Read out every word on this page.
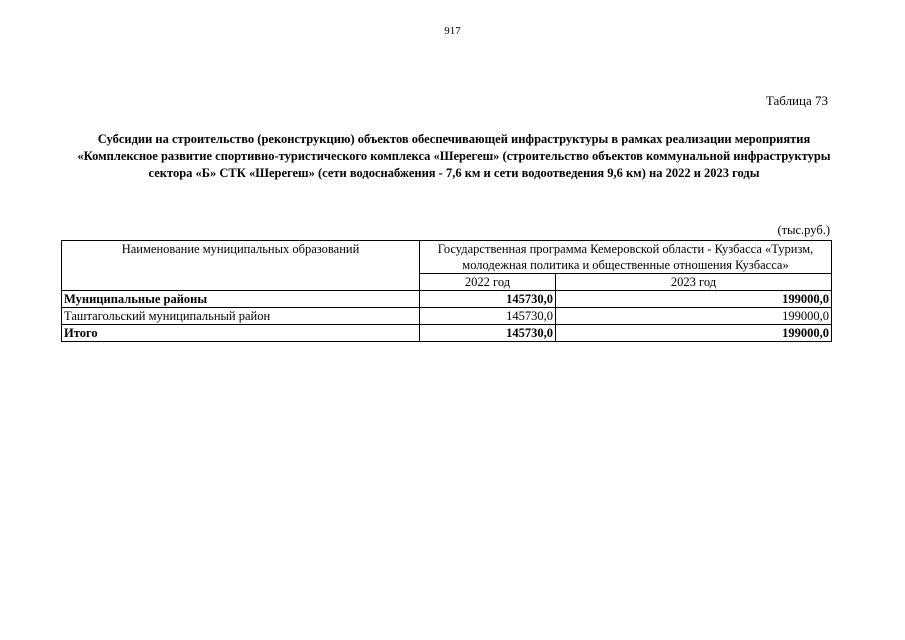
917
Таблица 73
Субсидии на строительство (реконструкцию) объектов обеспечивающей инфраструктуры в рамках реализации мероприятия «Комплексное развитие спортивно-туристического комплекса «Шерегеш» (строительство объектов коммунальной инфраструктуры сектора «Б» СТК «Шерегеш» (сети водоснабжения - 7,6 км и сети водоотведения 9,6 км) на 2022 и 2023 годы
(тыс.руб.)
Наименование муниципальных образований	Государственная программа Кемеровской области - Кузбасса «Туризм, молодежная политика и общественные отношения Кузбасса»	
	2022 год	2023 год
Муниципальные районы	145730,0	199000,0
Таштагольский муниципальный район	145730,0	199000,0
Итого	145730,0	199000,0
